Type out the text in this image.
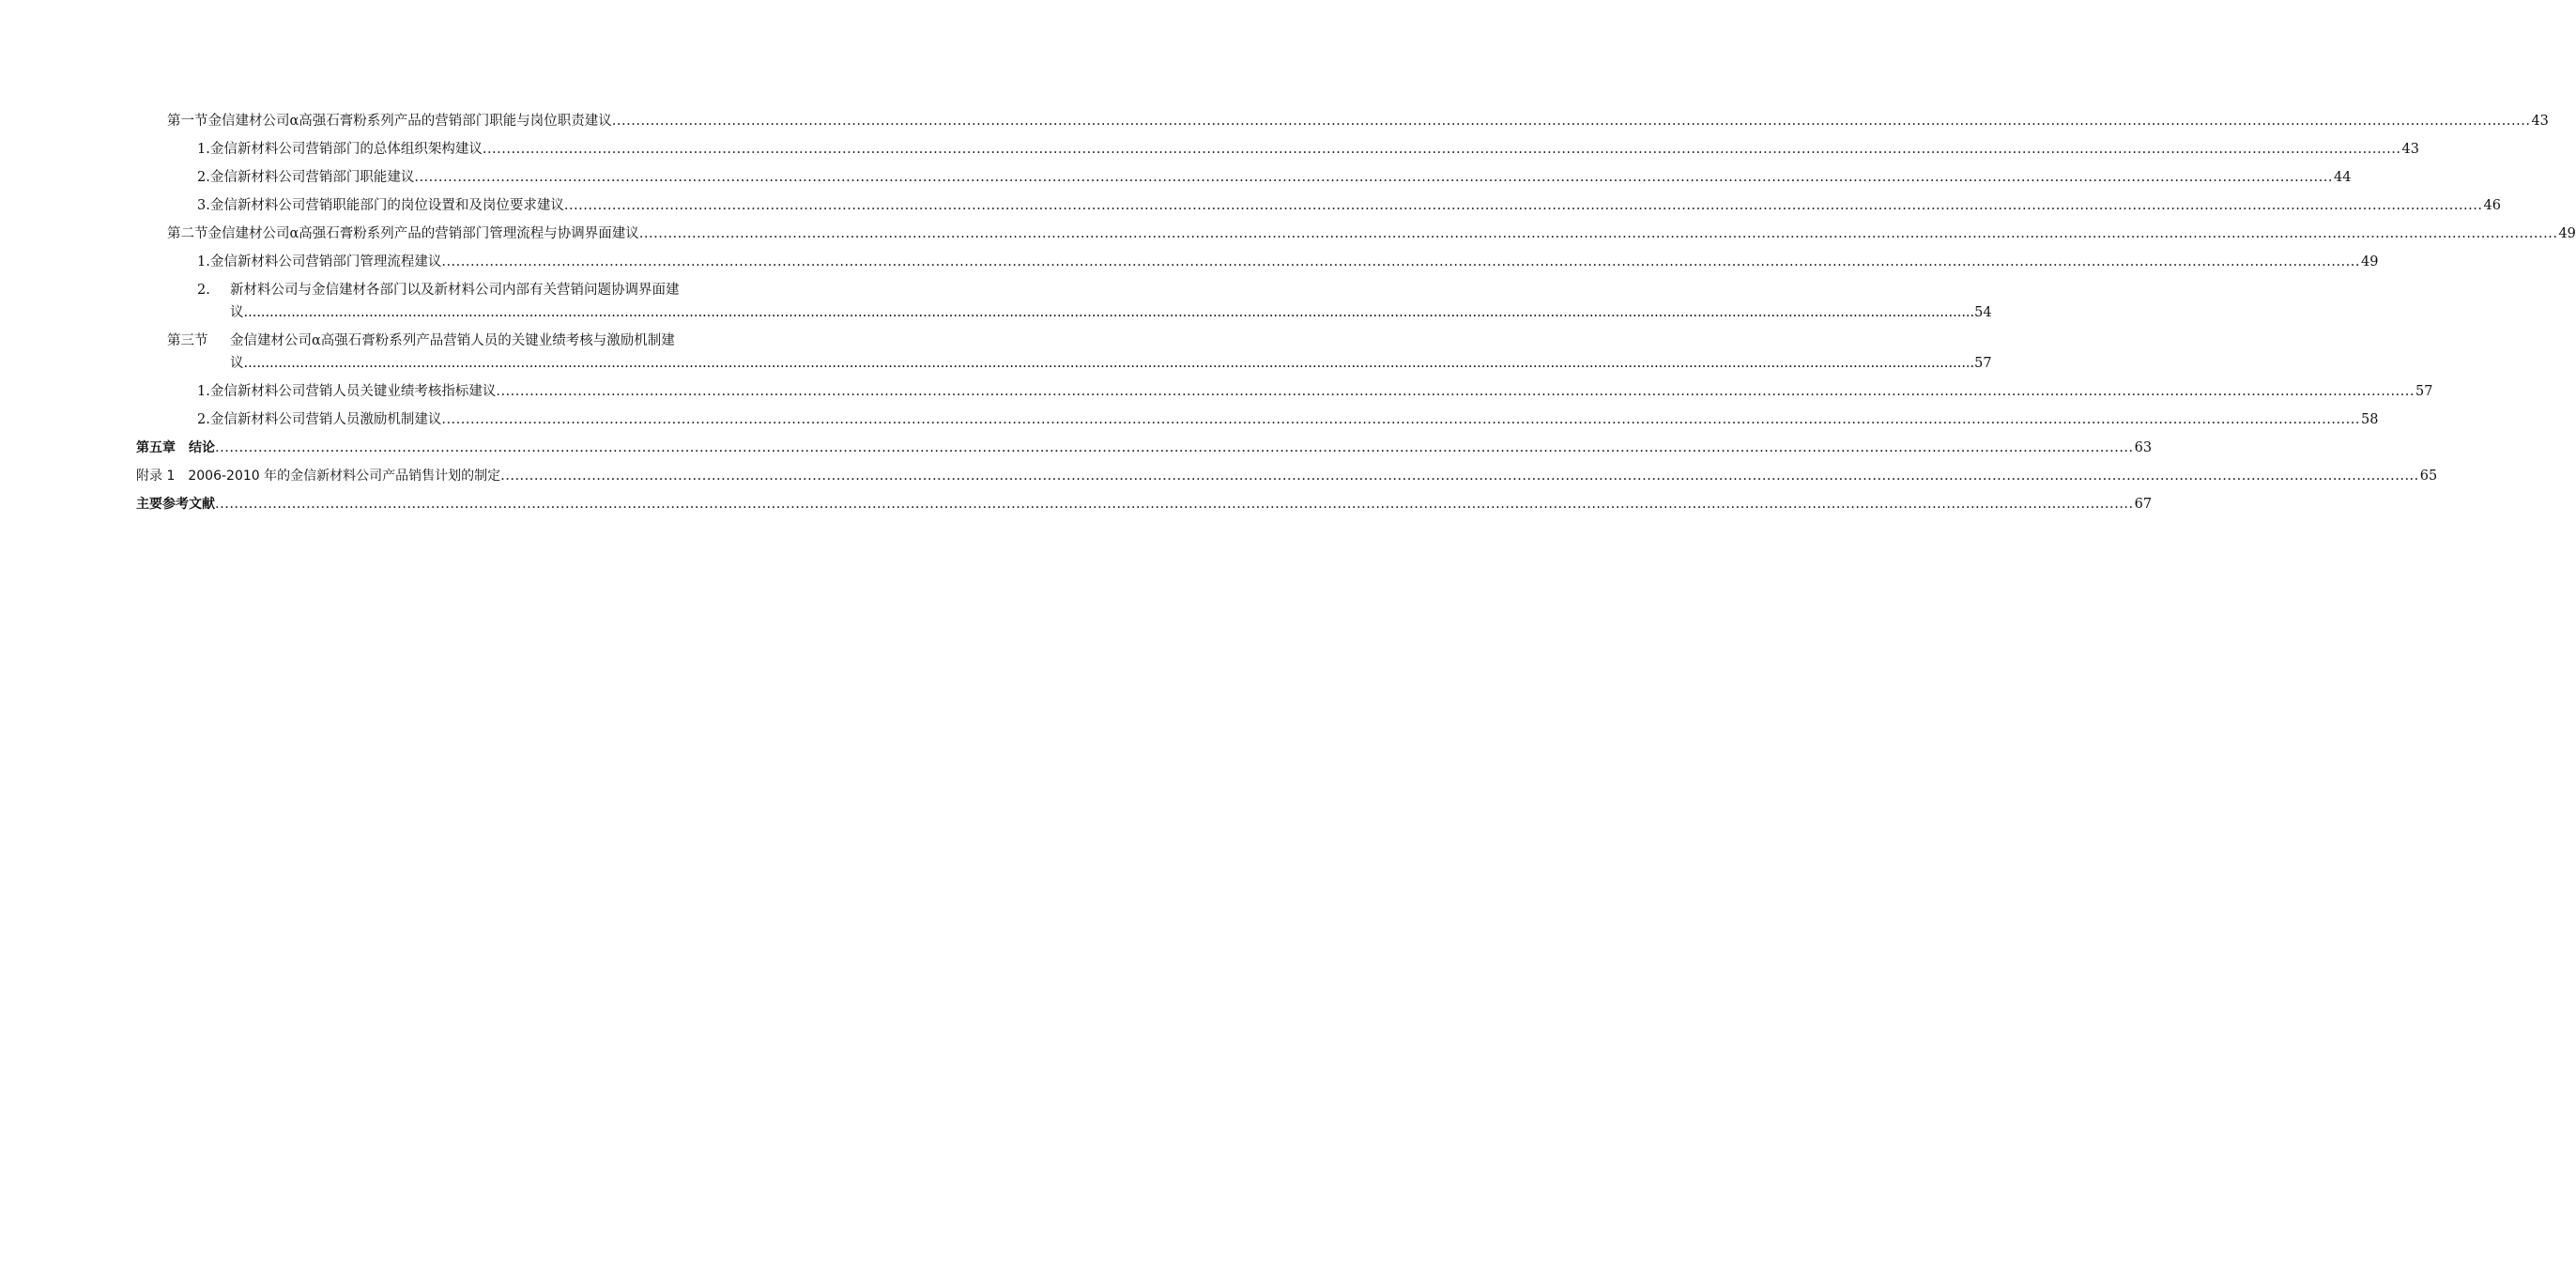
第一节 金信建材公司α高强石膏粉系列产品的营销部门职能与岗位职责建议 ................................................................................................................................................................................................................................................................................................................................................................................................................ 43
1. 金信新材料公司营销部门的总体组织架构建议 ................................................................................................................................................................................................................................................................................................................................................................................................................ 43
2. 金信新材料公司营销部门职能建议 ................................................................................................................................................................................................................................................................................................................................................................................................................ 44
3. 金信新材料公司营销职能部门的岗位设置和及岗位要求建议 ................................................................................................................................................................................................................................................................................................................................................................................................................ 46
第二节 金信建材公司α高强石膏粉系列产品的营销部门管理流程与协调界面建议 ................................................................................................................................................................................................................................................................................................................................................................................................................ 49
1. 金信新材料公司营销部门管理流程建议 ................................................................................................................................................................................................................................................................................................................................................................................................................ 49
2.	新材料公司与金信建材各部门以及新材料公司内部有关营销问题协调界面建
议 ................................................................................................................................................................................................................................................................................................................................................................................................................ 54
第三节	金信建材公司α高强石膏粉系列产品营销人员的关键业绩考核与激励机制建
议 ................................................................................................................................................................................................................................................................................................................................................................................................................ 57
1. 金信新材料公司营销人员关键业绩考核指标建议 ................................................................................................................................................................................................................................................................................................................................................................................................................ 57
2. 金信新材料公司营销人员激励机制建议 ................................................................................................................................................................................................................................................................................................................................................................................................................ 58
第五章　结论 ................................................................................................................................................................................................................................................................................................................................................................................................................ 63
附录 1　2006-2010 年的金信新材料公司产品销售计划的制定 ................................................................................................................................................................................................................................................................................................................................................................................................................ 65
主要参考文献 ................................................................................................................................................................................................................................................................................................................................................................................................................ 67
